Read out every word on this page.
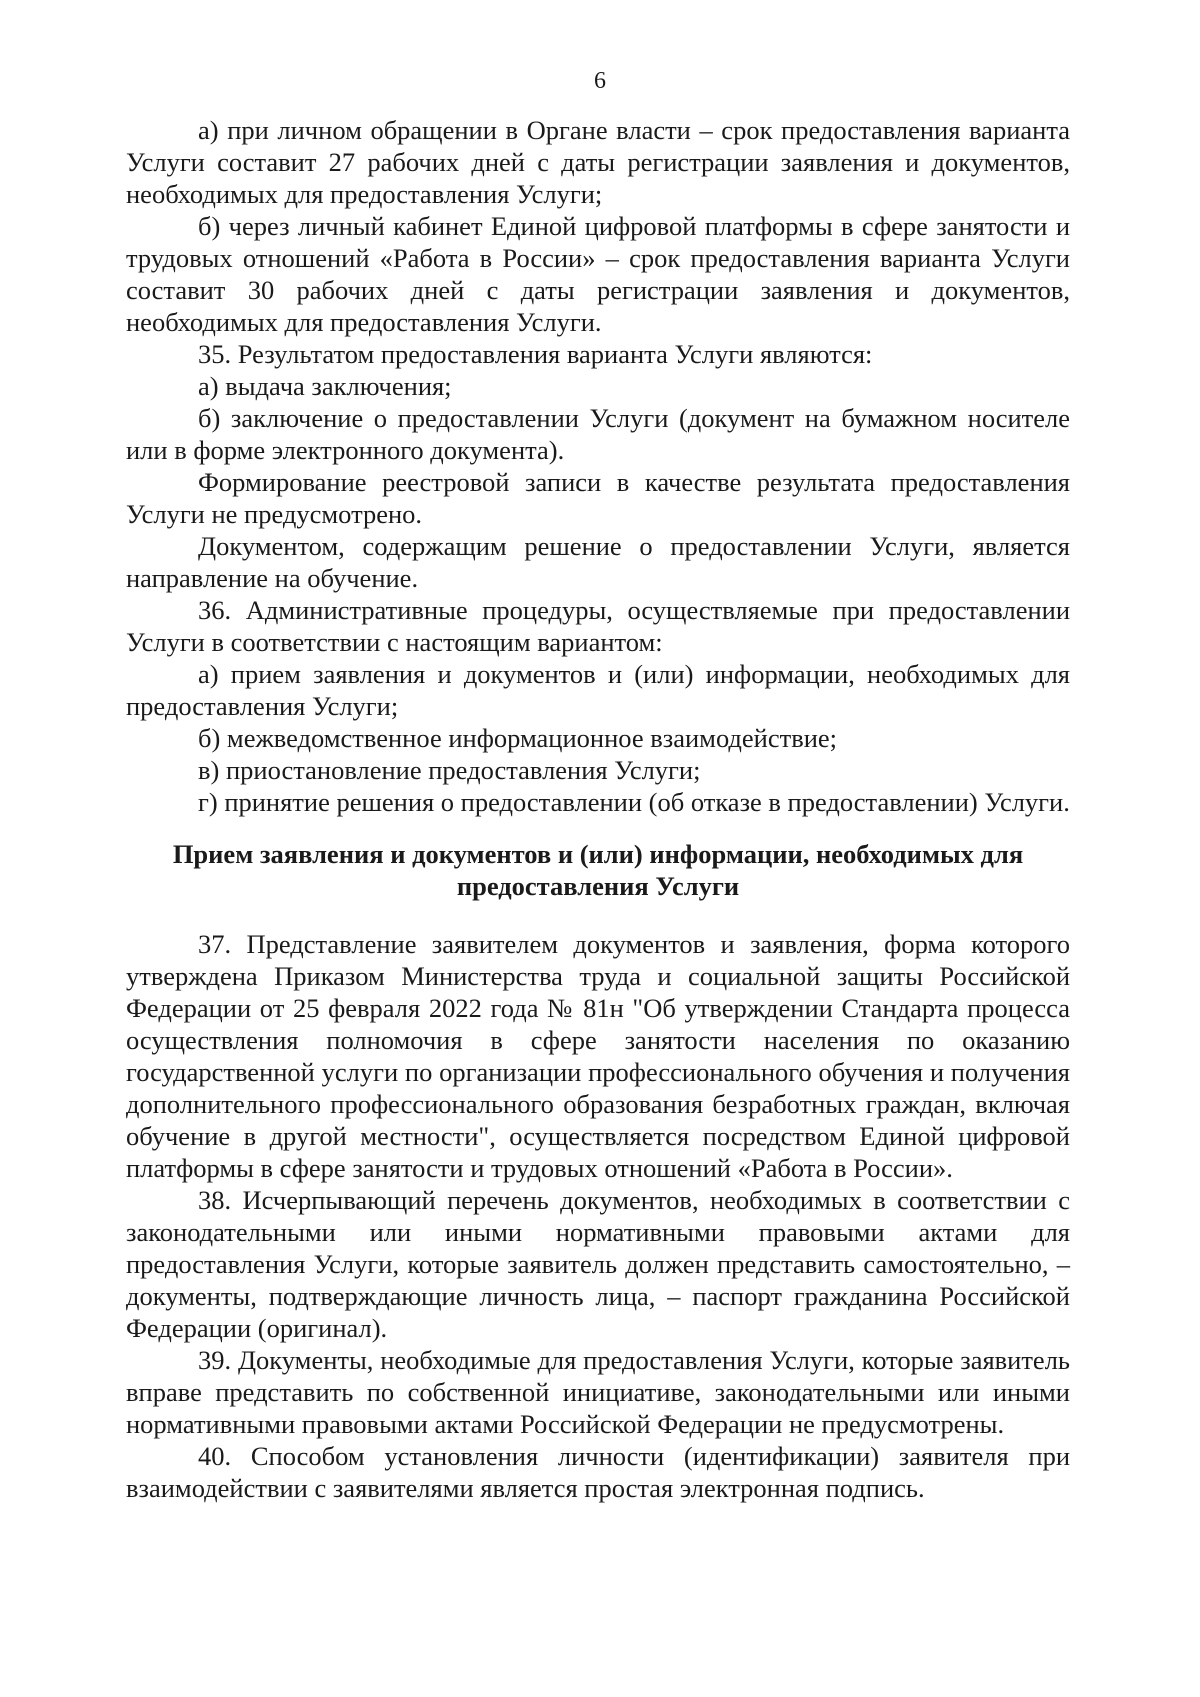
6

а) при личном обращении в Органе власти – срок предоставления варианта Услуги составит 27 рабочих дней с даты регистрации заявления и документов, необходимых для предоставления Услуги;

б) через личный кабинет Единой цифровой платформы в сфере занятости и трудовых отношений «Работа в России» – срок предоставления варианта Услуги составит 30 рабочих дней с даты регистрации заявления и документов, необходимых для предоставления Услуги.

35. Результатом предоставления варианта Услуги являются:

а) выдача заключения;

б) заключение о предоставлении Услуги (документ на бумажном носителе или в форме электронного документа).

Формирование реестровой записи в качестве результата предоставления Услуги не предусмотрено.

Документом, содержащим решение о предоставлении Услуги, является направление на обучение.

36. Административные процедуры, осуществляемые при предоставлении Услуги в соответствии с настоящим вариантом:

а) прием заявления и документов и (или) информации, необходимых для предоставления Услуги;

б) межведомственное информационное взаимодействие;

в) приостановление предоставления Услуги;

г) принятие решения о предоставлении (об отказе в предоставлении) Услуги.

Прием заявления и документов и (или) информации, необходимых для
предоставления Услуги

37. Представление заявителем документов и заявления, форма которого утверждена Приказом Министерства труда и социальной защиты Российской Федерации от 25 февраля 2022 года № 81н "Об утверждении Стандарта процесса осуществления полномочия в сфере занятости населения по оказанию государственной услуги по организации профессионального обучения и получения дополнительного профессионального образования безработных граждан, включая обучение в другой местности", осуществляется посредством Единой цифровой платформы в сфере занятости и трудовых отношений «Работа в России».

38. Исчерпывающий перечень документов, необходимых в соответствии с законодательными или иными нормативными правовыми актами для предоставления Услуги, которые заявитель должен представить самостоятельно, – документы, подтверждающие личность лица, – паспорт гражданина Российской Федерации (оригинал).

39. Документы, необходимые для предоставления Услуги, которые заявитель вправе представить по собственной инициативе, законодательными или иными нормативными правовыми актами Российской Федерации не предусмотрены.

40. Способом установления личности (идентификации) заявителя при взаимодействии с заявителями является простая электронная подпись.
